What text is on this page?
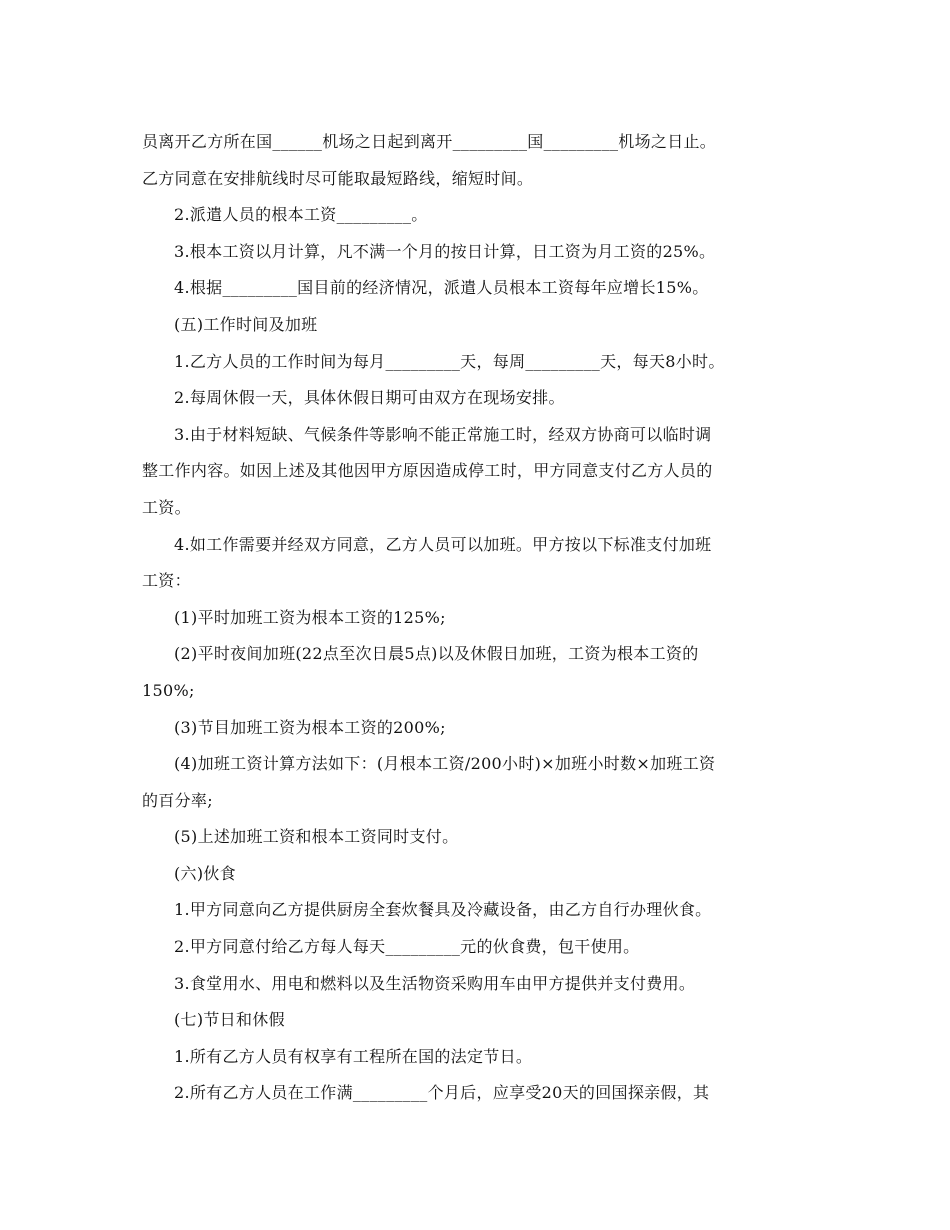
员离开乙方所在国______机场之日起到离开_________国_________机场之日止。
乙方同意在安排航线时尽可能取最短路线，缩短时间。
2.派遣人员的根本工资_________。
3.根本工资以月计算，凡不满一个月的按日计算，日工资为月工资的25%。
4.根据_________国目前的经济情况，派遣人员根本工资每年应增长15%。
(五)工作时间及加班
1.乙方人员的工作时间为每月_________天，每周_________天，每天8小时。
2.每周休假一天，具体休假日期可由双方在现场安排。
3.由于材料短缺、气候条件等影响不能正常施工时，经双方协商可以临时调
整工作内容。如因上述及其他因甲方原因造成停工时，甲方同意支付乙方人员的
工资。
4.如工作需要并经双方同意，乙方人员可以加班。甲方按以下标准支付加班
工资：
(1)平时加班工资为根本工资的125%;
(2)平时夜间加班(22点至次日晨5点)以及休假日加班，工资为根本工资的
150%;
(3)节目加班工资为根本工资的200%;
(4)加班工资计算方法如下：(月根本工资/200小时)×加班小时数×加班工资
的百分率;
(5)上述加班工资和根本工资同时支付。
(六)伙食
1.甲方同意向乙方提供厨房全套炊餐具及冷藏设备，由乙方自行办理伙食。
2.甲方同意付给乙方每人每天_________元的伙食费，包干使用。
3.食堂用水、用电和燃料以及生活物资采购用车由甲方提供并支付费用。
(七)节日和休假
1.所有乙方人员有权享有工程所在国的法定节日。
2.所有乙方人员在工作满_________个月后，应享受20天的回国探亲假，其
